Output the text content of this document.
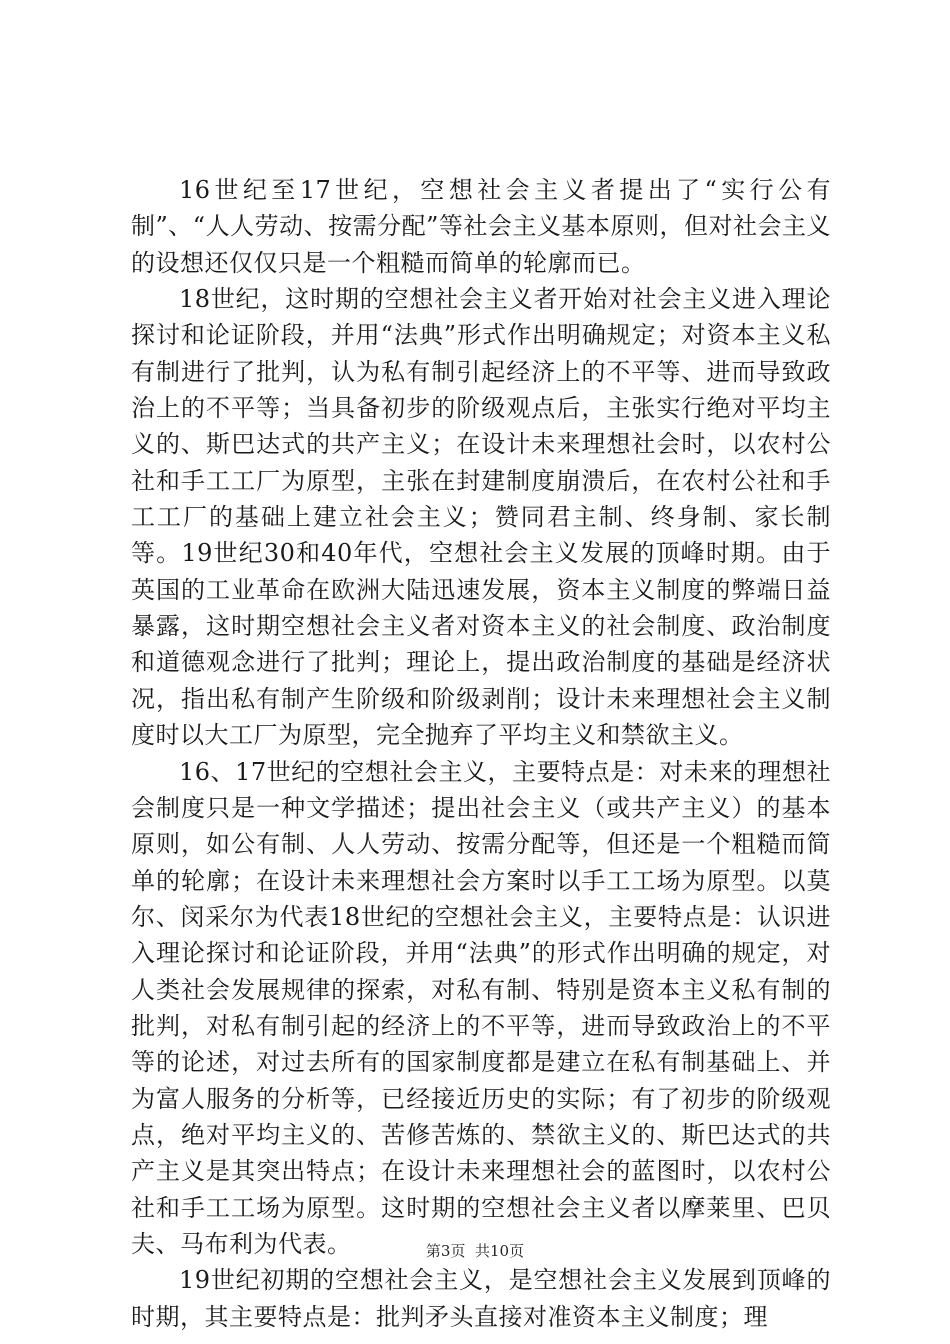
16世纪至17世纪，空想社会主义者提出了“实行公有制”、“人人劳动、按需分配”等社会主义基本原则，但对社会主义的设想还仅仅只是一个粗糙而简单的轮廓而已。

18世纪，这时期的空想社会主义者开始对社会主义进入理论探讨和论证阶段，并用“法典”形式作出明确规定；对资本主义私有制进行了批判，认为私有制引起经济上的不平等、进而导致政治上的不平等；当具备初步的阶级观点后，主张实行绝对平均主义的、斯巴达式的共产主义；在设计未来理想社会时，以农村公社和手工工厂为原型，主张在封建制度崩溃后，在农村公社和手工工厂的基础上建立社会主义；赞同君主制、终身制、家长制等。19世纪30和40年代，空想社会主义发展的顶峰时期。由于英国的工业革命在欧洲大陆迅速发展，资本主义制度的弊端日益暴露，这时期空想社会主义者对资本主义的社会制度、政治制度和道德观念进行了批判；理论上，提出政治制度的基础是经济状况，指出私有制产生阶级和阶级剥削；设计未来理想社会主义制度时以大工厂为原型，完全抛弃了平均主义和禁欲主义。

16、17世纪的空想社会主义，主要特点是：对未来的理想社会制度只是一种文学描述；提出社会主义（或共产主义）的基本原则，如公有制、人人劳动、按需分配等，但还是一个粗糙而简单的轮廓；在设计未来理想社会方案时以手工工场为原型。以莫尔、闵采尔为代表18世纪的空想社会主义，主要特点是：认识进入理论探讨和论证阶段，并用“法典”的形式作出明确的规定，对人类社会发展规律的探索，对私有制、特别是资本主义私有制的批判，对私有制引起的经济上的不平等，进而导致政治上的不平等的论述，对过去所有的国家制度都是建立在私有制基础上、并为富人服务的分析等，已经接近历史的实际；有了初步的阶级观点，绝对平均主义的、苦修苦炼的、禁欲主义的、斯巴达式的共产主义是其突出特点；在设计未来理想社会的蓝图时，以农村公社和手工工场为原型。这时期的空想社会主义者以摩莱里、巴贝夫、马布利为代表。

19世纪初期的空想社会主义，是空想社会主义发展到顶峰的时期，其主要特点是：批判矛头直接对准资本主义制度；理

第3页  共10页
